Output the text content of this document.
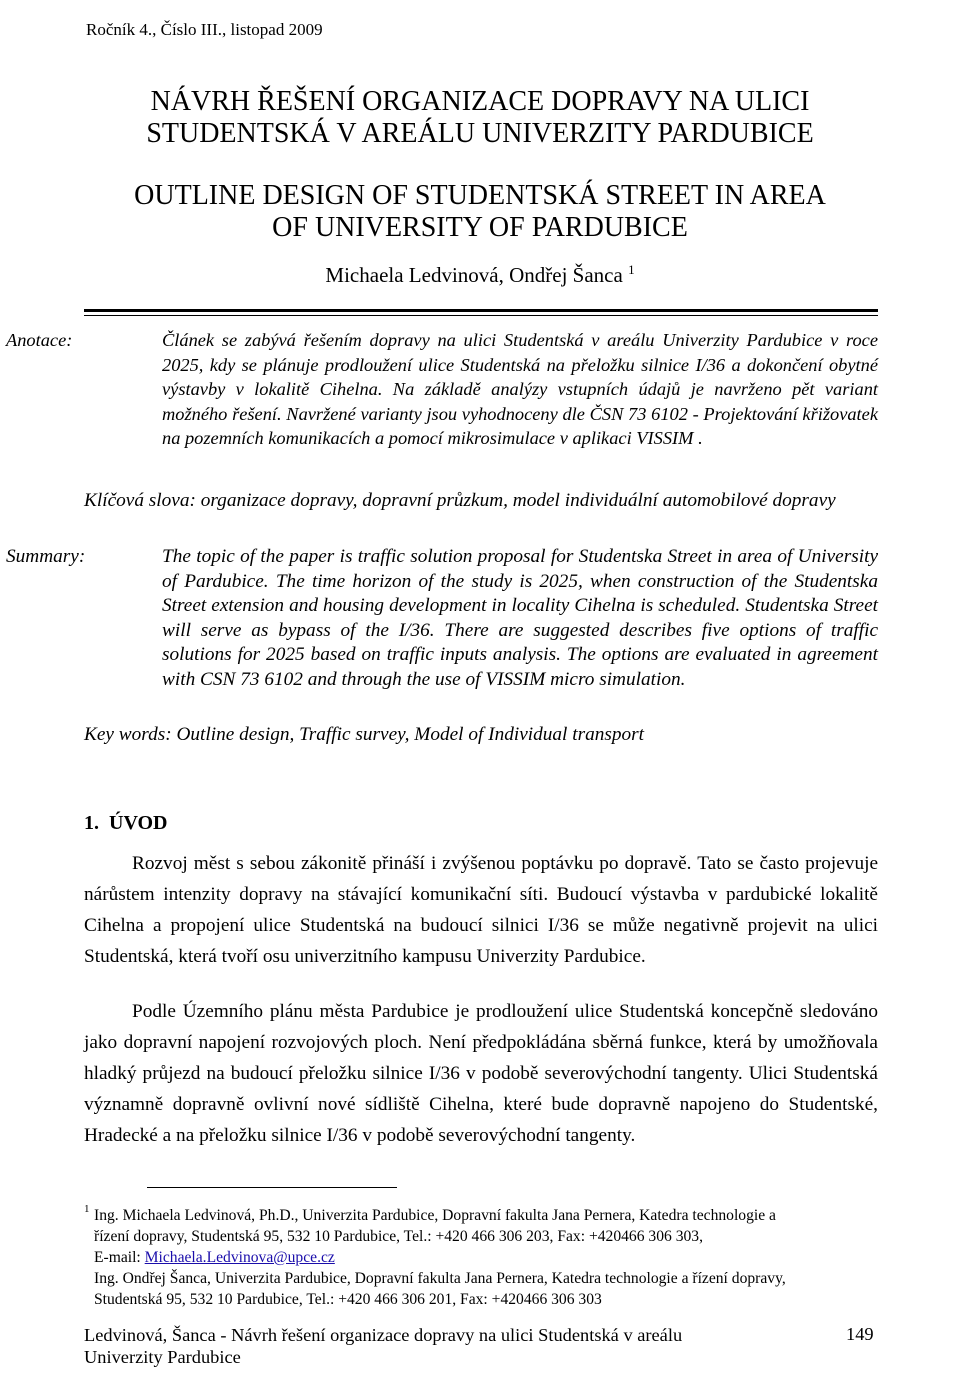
Ročník 4., Číslo III., listopad 2009
NÁVRH ŘEŠENÍ ORGANIZACE DOPRAVY NA ULICI
STUDENTSKÁ V AREÁLU UNIVERZITY PARDUBICE
OUTLINE DESIGN OF STUDENTSKÁ STREET IN AREA
OF UNIVERSITY OF PARDUBICE
Michaela Ledvinová, Ondřej Šanca $^1$
Anotace:	Článek se zabývá řešením dopravy na ulici Studentská v areálu Univerzity Pardubice v roce 2025, kdy se plánuje prodloužení ulice Studentská na přeložku silnice I/36 a dokončení obytné výstavby v lokalitě Cihelna. Na základě analýzy vstupních údajů je navrženo pět variant možného řešení. Navržené varianty jsou vyhodnoceny dle ČSN 73 6102 - Projektování křižovatek na pozemních komunikacích a pomocí mikrosimulace v aplikaci VISSIM .
Klíčová slova: organizace dopravy, dopravní průzkum, model individuální automobilové dopravy
Summary:	The topic of the paper is traffic solution proposal for Studentska Street in area of University of Pardubice. The time horizon of the study is 2025, when construction of the Studentska Street extension and housing development in locality Cihelna is scheduled. Studentska Street will serve as bypass of the I/36. There are suggested describes five options of traffic solutions for 2025 based on traffic inputs analysis. The options are evaluated in agreement with CSN 73 6102 and through the use of VISSIM micro simulation.
Key words: Outline design, Traffic survey, Model of Individual transport
1.  ÚVOD

Rozvoj měst s sebou zákonitě přináší i zvýšenou poptávku po dopravě. Tato se často projevuje nárůstem intenzity dopravy na stávající komunikační síti. Budoucí výstavba v pardubické lokalitě Cihelna a propojení ulice Studentská na budoucí silnici I/36 se může negativně projevit na ulici Studentská, která tvoří osu univerzitního kampusu Univerzity Pardubice.

Podle Územního plánu města Pardubice je prodloužení ulice Studentská koncepčně sledováno jako dopravní napojení rozvojových ploch. Není předpokládána sběrná funkce, která by umožňovala hladký průjezd na budoucí přeložku silnice I/36 v podobě severovýchodní tangenty. Ulici Studentská významně dopravně ovlivní nové sídliště Cihelna, které bude dopravně napojeno do Studentské, Hradecké a na přeložku silnice I/36 v podobě severovýchodní tangenty.

1 Ing. Michaela Ledvinová, Ph.D., Univerzita Pardubice, Dopravní fakulta Jana Pernera, Katedra technologie a
řízení dopravy, Studentská 95, 532 10 Pardubice, Tel.: +420 466 306 203, Fax: +420466 306 303,
E-mail: Michaela.Ledvinova@upce.cz
Ing. Ondřej Šanca, Univerzita Pardubice, Dopravní fakulta Jana Pernera, Katedra technologie a řízení dopravy,
Studentská 95, 532 10 Pardubice, Tel.: +420 466 306 201, Fax: +420466 306 303
Ledvinová, Šanca - Návrh řešení organizace dopravy na ulici Studentská v areálu
Univerzity Pardubice
149
